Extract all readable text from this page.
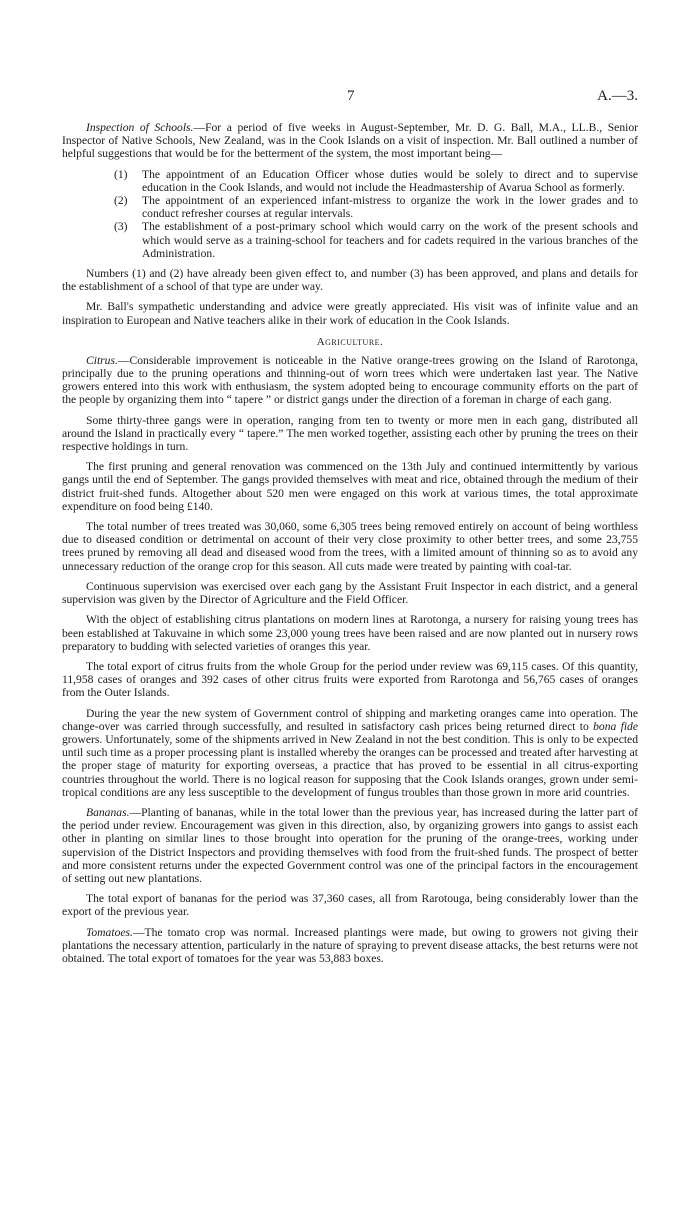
7	A.—3.

Inspection of Schools.—For a period of five weeks in August-September, Mr. D. G. Ball, M.A., LL.B., Senior Inspector of Native Schools, New Zealand, was in the Cook Islands on a visit of inspection. Mr. Ball outlined a number of helpful suggestions that would be for the betterment of the system, the most important being—

(1) The appointment of an Education Officer whose duties would be solely to direct and to supervise education in the Cook Islands, and would not include the Headmastership of Avarua School as formerly.
(2) The appointment of an experienced infant-mistress to organize the work in the lower grades and to conduct refresher courses at regular intervals.
(3) The establishment of a post-primary school which would carry on the work of the present schools and which would serve as a training-school for teachers and for cadets required in the various branches of the Administration.

Numbers (1) and (2) have already been given effect to, and number (3) has been approved, and plans and details for the establishment of a school of that type are under way.

Mr. Ball's sympathetic understanding and advice were greatly appreciated. His visit was of infinite value and an inspiration to European and Native teachers alike in their work of education in the Cook Islands.

Agriculture.

Citrus.—Considerable improvement is noticeable in the Native orange-trees growing on the Island of Rarotonga, principally due to the pruning operations and thinning-out of worn trees which were undertaken last year. The Native growers entered into this work with enthusiasm, the system adopted being to encourage community efforts on the part of the people by organizing them into “ tapere ” or district gangs under the direction of a foreman in charge of each gang.

Some thirty-three gangs were in operation, ranging from ten to twenty or more men in each gang, distributed all around the Island in practically every “ tapere.” The men worked together, assisting each other by pruning the trees on their respective holdings in turn.

The first pruning and general renovation was commenced on the 13th July and continued intermittently by various gangs until the end of September. The gangs provided themselves with meat and rice, obtained through the medium of their district fruit-shed funds. Altogether about 520 men were engaged on this work at various times, the total approximate expenditure on food being £140.

The total number of trees treated was 30,060, some 6,305 trees being removed entirely on account of being worthless due to diseased condition or detrimental on account of their very close proximity to other better trees, and some 23,755 trees pruned by removing all dead and diseased wood from the trees, with a limited amount of thinning so as to avoid any unnecessary reduction of the orange crop for this season. All cuts made were treated by painting with coal-tar.

Continuous supervision was exercised over each gang by the Assistant Fruit Inspector in each district, and a general supervision was given by the Director of Agriculture and the Field Officer.

With the object of establishing citrus plantations on modern lines at Rarotonga, a nursery for raising young trees has been established at Takuvaine in which some 23,000 young trees have been raised and are now planted out in nursery rows preparatory to budding with selected varieties of oranges this year.

The total export of citrus fruits from the whole Group for the period under review was 69,115 cases. Of this quantity, 11,958 cases of oranges and 392 cases of other citrus fruits were exported from Rarotonga and 56,765 cases of oranges from the Outer Islands.

During the year the new system of Government control of shipping and marketing oranges came into operation. The change-over was carried through successfully, and resulted in satisfactory cash prices being returned direct to bona fide growers. Unfortunately, some of the shipments arrived in New Zealand in not the best condition. This is only to be expected until such time as a proper processing plant is installed whereby the oranges can be processed and treated after harvesting at the proper stage of maturity for exporting overseas, a practice that has proved to be essential in all citrus-exporting countries throughout the world. There is no logical reason for supposing that the Cook Islands oranges, grown under semi-tropical conditions are any less susceptible to the development of fungus troubles than those grown in more arid countries.

Bananas.—Planting of bananas, while in the total lower than the previous year, has increased during the latter part of the period under review. Encouragement was given in this direction, also, by organizing growers into gangs to assist each other in planting on similar lines to those brought into operation for the pruning of the orange-trees, working under supervision of the District Inspectors and providing themselves with food from the fruit-shed funds. The prospect of better and more consistent returns under the expected Government control was one of the principal factors in the encouragement of setting out new plantations.

The total export of bananas for the period was 37,360 cases, all from Rarotouga, being considerably lower than the export of the previous year.

Tomatoes.—The tomato crop was normal. Increased plantings were made, but owing to growers not giving their plantations the necessary attention, particularly in the nature of spraying to prevent disease attacks, the best returns were not obtained. The total export of tomatoes for the year was 53,883 boxes.
